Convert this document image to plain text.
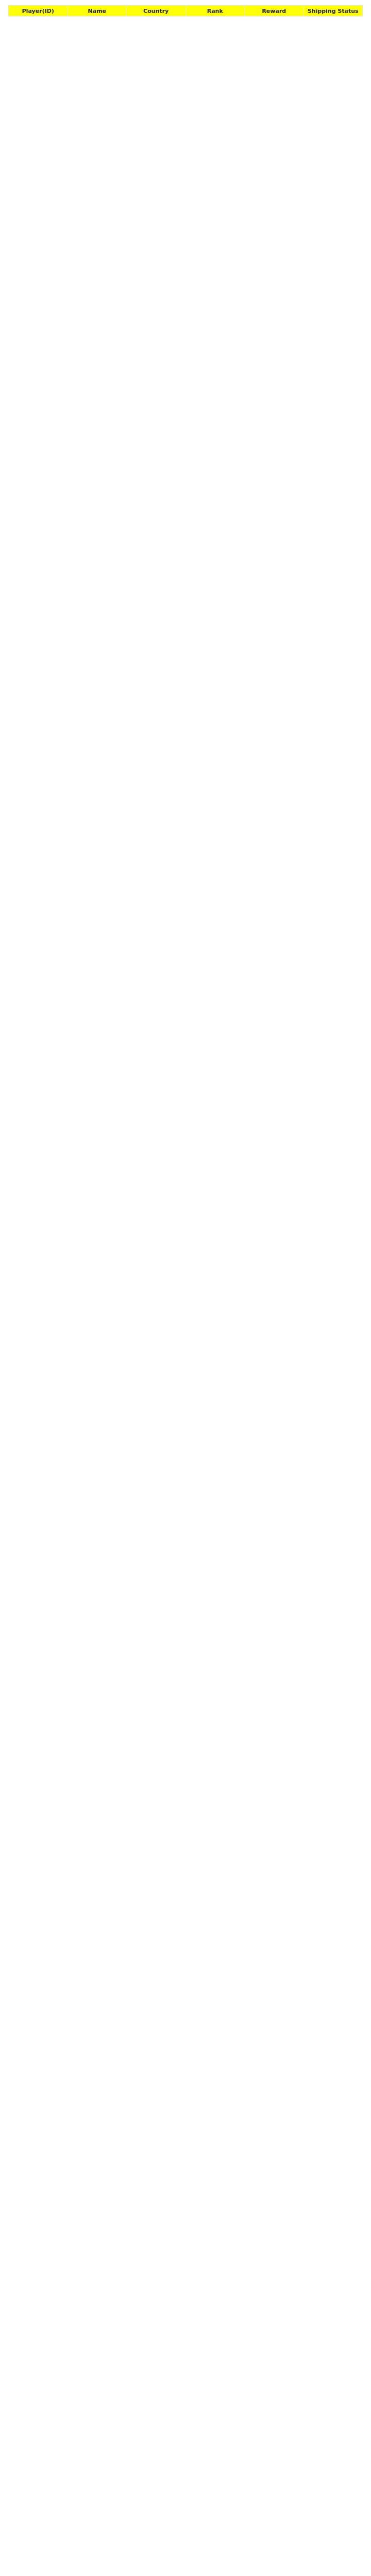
Player(ID)	Name	Country	Rank	Reward	Shipping Status
